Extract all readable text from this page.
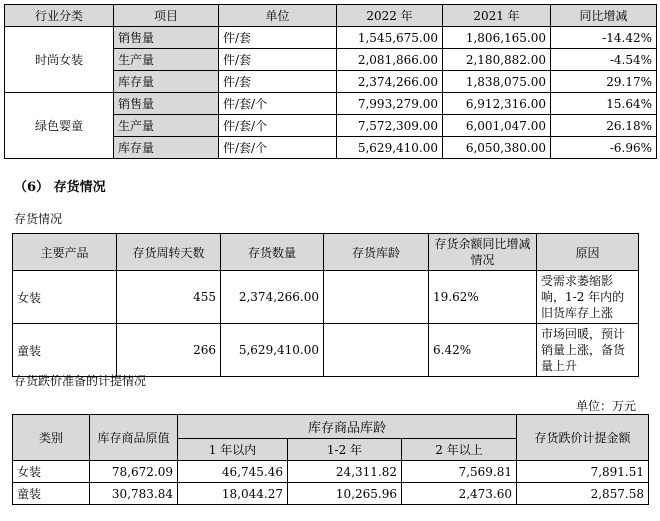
行业分类	项目	单位	2022 年	2021 年	同比增减
时尚女装	销售量	件/套	1,545,675.00	1,806,165.00	-14.42%
	生产量	件/套	2,081,866.00	2,180,882.00	-4.54%
	库存量	件/套	2,374,266.00	1,838,075.00	29.17%
绿色婴童	销售量	件/套/个	7,993,279.00	6,912,316.00	15.64%
	生产量	件/套/个	7,572,309.00	6,001,047.00	26.18%
	库存量	件/套/个	5,629,410.00	6,050,380.00	-6.96%
（6） 存货情况
存货情况
主要产品	存货周转天数	存货数量	存货库龄	存货余额同比增减情况	原因
女装	455	2,374,266.00		19.62%	受需求萎缩影响，1-2 年内的旧货库存上涨
童装	266	5,629,410.00		6.42%	市场回暖，预计销量上涨，备货量上升
存货跌价准备的计提情况
单位：万元
类别	库存商品原值	库存商品库龄			存货跌价计提金额
		1 年以内	1-2 年	2 年以上	
女装	78,672.09	46,745.46	24,311.82	7,569.81	7,891.51
童装	30,783.84	18,044.27	10,265.96	2,473.60	2,857.58
